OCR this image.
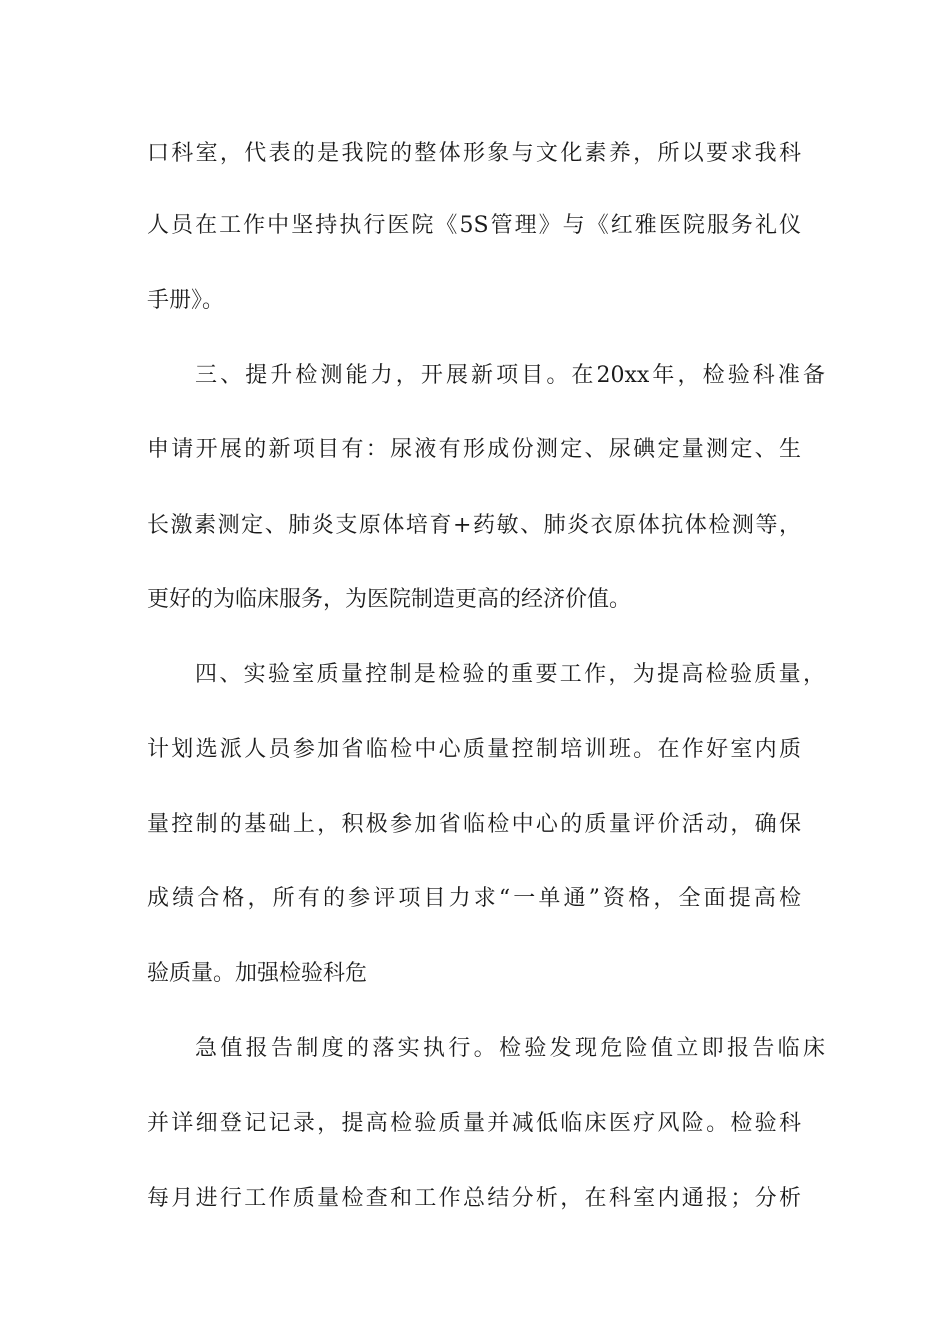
口科室，代表的是我院的整体形象与文化素养，所以要求我科
人员在工作中坚持执行医院《5S管理》与《红雅医院服务礼仪
手册》。
三、提升检测能力，开展新项目。在20xx年，检验科准备
申请开展的新项目有：尿液有形成份测定、尿碘定量测定、生
长激素测定、肺炎支原体培育+药敏、肺炎衣原体抗体检测等，
更好的为临床服务，为医院制造更高的经济价值。
四、实验室质量控制是检验的重要工作，为提高检验质量，
计划选派人员参加省临检中心质量控制培训班。在作好室内质
量控制的基础上，积极参加省临检中心的质量评价活动，确保
成绩合格，所有的参评项目力求“一单通”资格，全面提高检
验质量。加强检验科危
急值报告制度的落实执行。检验发现危险值立即报告临床
并详细登记记录，提高检验质量并减低临床医疗风险。检验科
每月进行工作质量检查和工作总结分析，在科室内通报；分析
